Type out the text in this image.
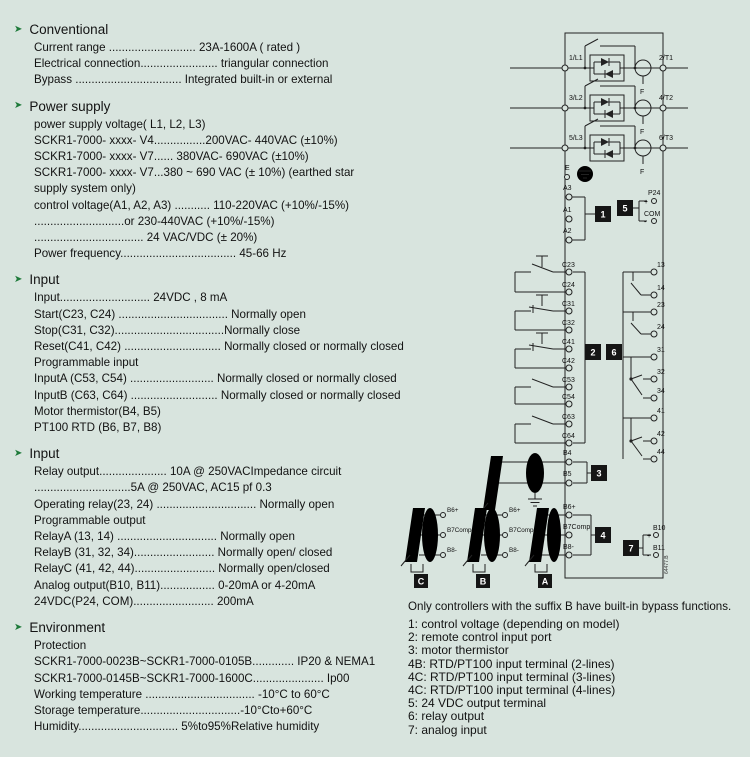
➤ Conventional
Current range ........................... 23A-1600A ( rated )
Electrical connection........................ triangular connection
Bypass ................................. Integrated built-in or external
➤ Power supply
power supply voltage( L1, L2, L3)
SCKR1-7000- xxxx- V4................200VAC- 440VAC (±10%)
SCKR1-7000- xxxx- V7...... 380VAC- 690VAC (±10%)
SCKR1-7000- xxxx- V7...380 ~ 690 VAC (± 10%) (earthed star
supply system only)
control voltage(A1, A2, A3) ........... 110-220VAC (+10%/-15%)
............................or 230-440VAC (+10%/-15%)
.................................. 24 VAC/VDC (± 20%)
Power frequency.................................... 45-66 Hz
➤ Input
Input............................ 24VDC , 8 mA
Start(C23, C24) .................................. Normally open
Stop(C31, C32)..................................Normally close
Reset(C41, C42) .............................. Normally closed or normally closed
Programmable input
InputA (C53, C54) .......................... Normally closed or normally closed
InputB (C63, C64) ........................... Normally closed or normally closed
Motor thermistor(B4, B5)
PT100 RTD (B6, B7, B8)
➤ Input
Relay output..................... 10A @ 250VACImpedance circuit
..............................5A @ 250VAC, AC15 pf 0.3
Operating relay(23, 24) ............................... Normally open
Programmable output
RelayA (13, 14) ............................... Normally open
RelayB (31, 32, 34)......................... Normally open/ closed
RelayC (41, 42, 44)......................... Normally open/closed
Analog output(B10, B11)................. 0-20mA or 4-20mA
24VDC(P24, COM)......................... 200mA
➤ Environment
Protection
SCKR1-7000-0023B~SCKR1-7000-0105B............. IP20 & NEMA1
SCKR1-7000-0145B~SCKR1-7000-1600C...................... Ip00
Working temperature .................................. -10°C to 60°C
Storage temperature...............................-10°Cto+60°C
Humidity............................... 5%to95%Relative humidity
1/L1	2/T1
F
3/L2	4/T2
F
5/L3	6/T3
F
E
A3
A1
A2
1
5
P24
+
COM
-
C23
C24
C31
C32
C41
C42
C53
C54
C63
C64
2
13
14
23
24
31
32
34
41
42
44
6
B4
B5	3
B6+
B7Comp
B8-
4
A
B6+
B7Comp
B8-
B
B6+
B7Comp
B8-
C
7
B10
+
B11
-	64477.B
Only controllers with the suffix B have built-in bypass functions.
1: control voltage (depending on model)
2: remote control input port
3: motor thermistor
4B: RTD/PT100 input terminal (2-lines)
4C: RTD/PT100 input terminal (3-lines)
4C: RTD/PT100 input terminal (4-lines)
5: 24 VDC output terminal
6: relay output
7: analog input
